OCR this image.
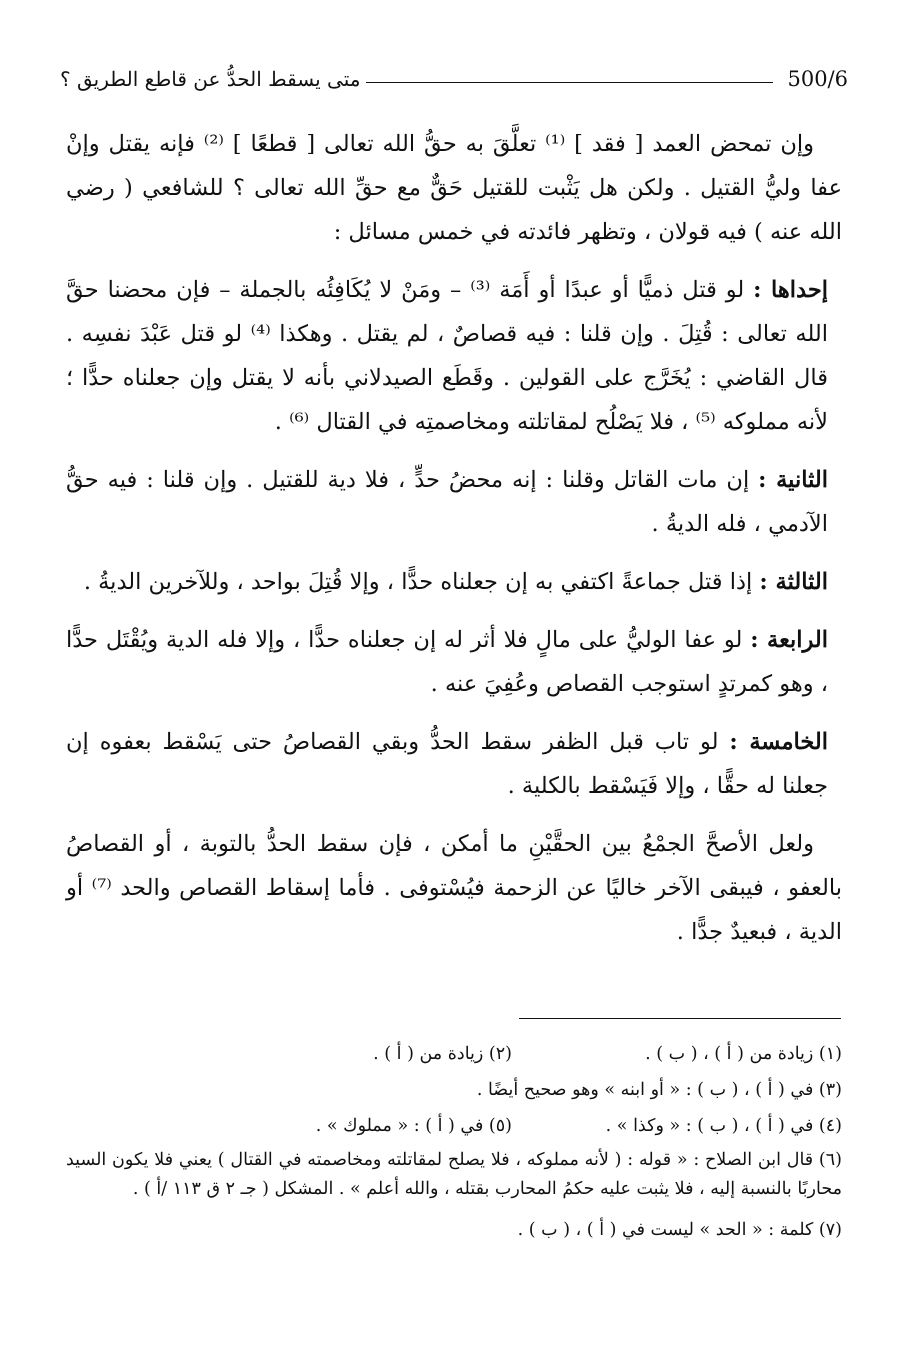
500/6
متى يسقط الحدُّ عن قاطع الطريق ؟

وإن تمحض العمد [ فقد ] ⁽¹⁾ تعلَّقَ به حقُّ الله تعالى [ قطعًا ] ⁽²⁾ فإنه يقتل وإنْ عفا وليُّ القتيل . ولكن هل يَثْبت للقتيل حَقٌّ مع حقِّ الله تعالى ؟ للشافعي ( رضي الله عنه ) فيه قولان ، وتظهر فائدته في خمس مسائل :

إحداها : لو قتل ذميًّا أو عبدًا أو أَمَة ⁽³⁾ – ومَنْ لا يُكَافِئُه بالجملة – فإن محضنا حقَّ الله تعالى : قُتِلَ . وإن قلنا : فيه قصاصٌ ، لم يقتل . وهكذا ⁽⁴⁾ لو قتل عَبْدَ نفسِه . قال القاضي : يُخَرَّج على القولين . وقَطَع الصيدلاني بأنه لا يقتل وإن جعلناه حدًّا ؛ لأنه مملوكه ⁽⁵⁾ ، فلا يَصْلُح لمقاتلته ومخاصمتِه في القتال ⁽⁶⁾ .

الثانية : إن مات القاتل وقلنا : إنه محضُ حدٍّ ، فلا دية للقتيل . وإن قلنا : فيه حقُّ الآدمي ، فله الديةُ .

الثالثة : إذا قتل جماعةً اكتفي به إن جعلناه حدًّا ، وإلا قُتِلَ بواحد ، وللآخرين الديةُ .

الرابعة : لو عفا الوليُّ على مالٍ فلا أثر له إن جعلناه حدًّا ، وإلا فله الدية ويُقْتَل حدًّا ، وهو كمرتدٍ استوجب القصاص وعُفِيَ عنه .

الخامسة : لو تاب قبل الظفر سقط الحدُّ وبقي القصاصُ حتى يَسْقط بعفوه إن جعلنا له حقًّا ، وإلا فَيَسْقط بالكلية .

ولعل الأصحَّ الجمْعُ بين الحقَّيْنِ ما أمكن ، فإن سقط الحدُّ بالتوبة ، أو القصاصُ بالعفو ، فيبقى الآخر خاليًا عن الزحمة فيُسْتوفى . فأما إسقاط القصاص والحد ⁽⁷⁾ أو الدية ، فبعيدٌ جدًّا .

(١) زيادة من ( أ ) ، ( ب ) .
(٢) زيادة من ( أ ) .
(٣) في ( أ ) ، ( ب ) : « أو ابنه » وهو صحيح أيضًا .
(٤) في ( أ ) ، ( ب ) : « وكذا » .
(٥) في ( أ ) : « مملوك » .
(٦) قال ابن الصلاح : « قوله : ( لأنه مملوكه ، فلا يصلح لمقاتلته ومخاصمته في القتال ) يعني فلا يكون السيد محاربًا بالنسبة إليه ، فلا يثبت عليه حكمُ المحارب بقتله ، والله أعلم » . المشكل ( جـ ٢ ق ١١٣ /أ ) .
(٧) كلمة : « الحد » ليست في ( أ ) ، ( ب ) .
